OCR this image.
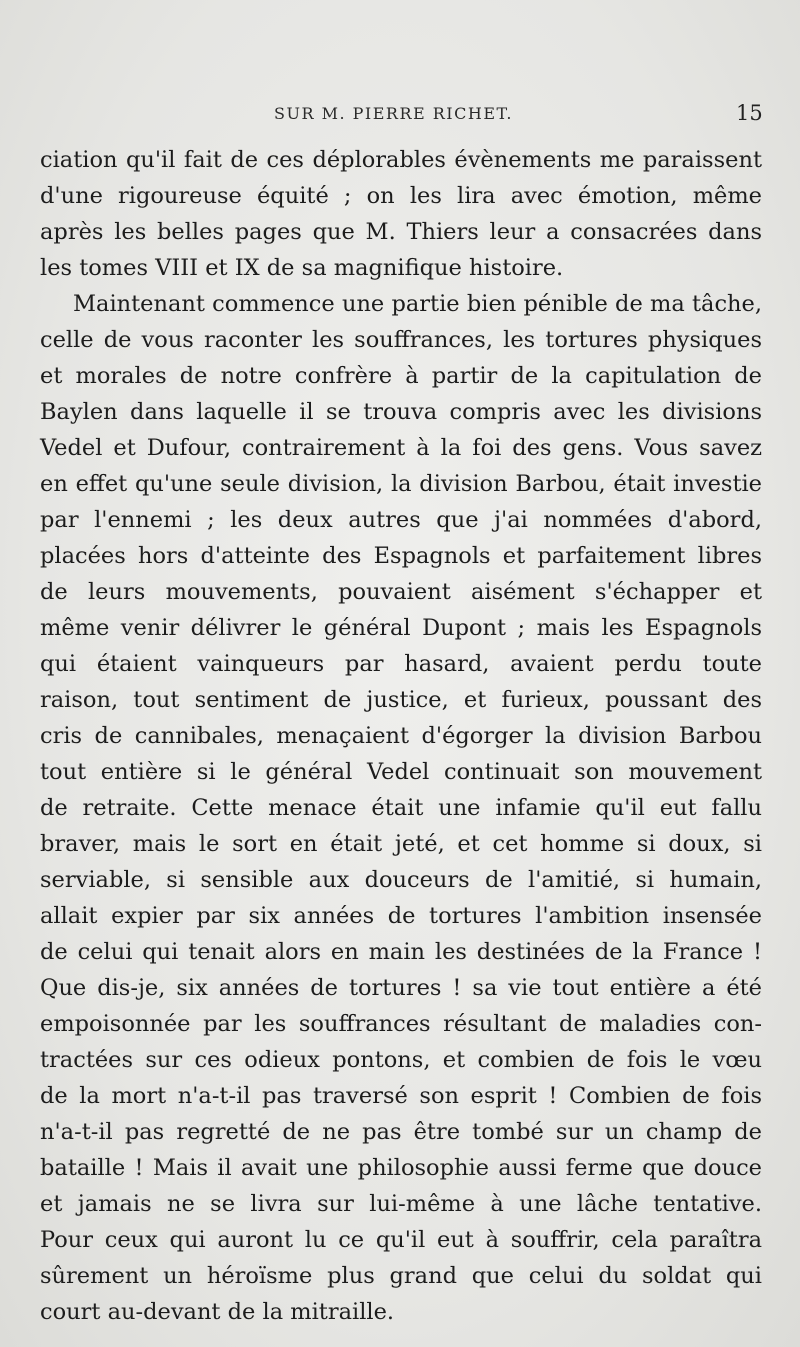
SUR M. PIERRE RICHET.	15
ciation qu'il fait de ces déplorables évènements me paraissent
d'une rigoureuse équité ; on les lira avec émotion, même
après les belles pages que M. Thiers leur a consacrées dans
les tomes VIII et IX de sa magnifique histoire.
Maintenant commence une partie bien pénible de ma tâche,
celle de vous raconter les souffrances, les tortures physiques
et morales de notre confrère à partir de la capitulation de
Baylen dans laquelle il se trouva compris avec les divisions
Vedel et Dufour, contrairement à la foi des gens. Vous savez
en effet qu'une seule division, la division Barbou, était investie
par l'ennemi ; les deux autres que j'ai nommées d'abord,
placées hors d'atteinte des Espagnols et parfaitement libres
de leurs mouvements, pouvaient aisément s'échapper et
même venir délivrer le général Dupont ; mais les Espagnols
qui étaient vainqueurs par hasard, avaient perdu toute
raison, tout sentiment de justice, et furieux, poussant des
cris de cannibales, menaçaient d'égorger la division Barbou
tout entière si le général Vedel continuait son mouvement
de retraite. Cette menace était une infamie qu'il eut fallu
braver, mais le sort en était jeté, et cet homme si doux, si
serviable, si sensible aux douceurs de l'amitié, si humain,
allait expier par six années de tortures l'ambition insensée
de celui qui tenait alors en main les destinées de la France !
Que dis-je, six années de tortures ! sa vie tout entière a été
empoisonnée par les souffrances résultant de maladies con-
tractées sur ces odieux pontons, et combien de fois le vœu
de la mort n'a-t-il pas traversé son esprit ! Combien de fois
n'a-t-il pas regretté de ne pas être tombé sur un champ de
bataille ! Mais il avait une philosophie aussi ferme que douce
et jamais ne se livra sur lui-même à une lâche tentative.
Pour ceux qui auront lu ce qu'il eut à souffrir, cela paraîtra
sûrement un héroïsme plus grand que celui du soldat qui
court au-devant de la mitraille.
